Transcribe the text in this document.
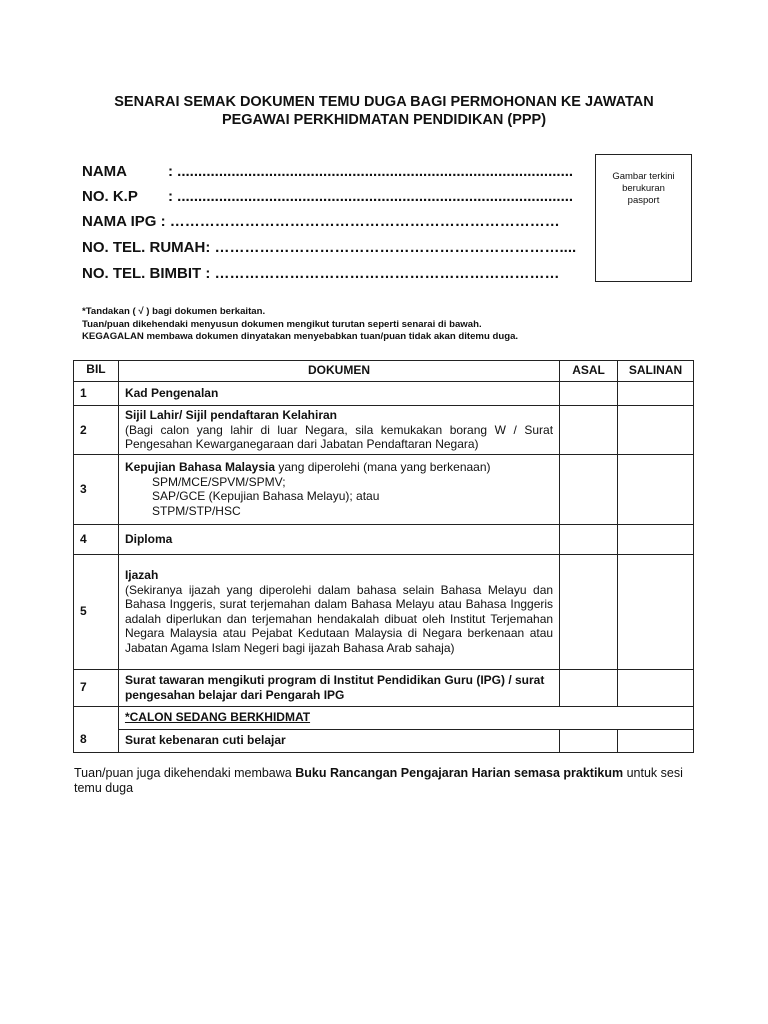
SENARAI SEMAK DOKUMEN TEMU DUGA BAGI PERMOHONAN KE JAWATAN
PEGAWAI PERKHIDMATAN PENDIDIKAN (PPP)
NAMA	: ...............................................................................................
NO. K.P : ...............................................................................................
NAMA IPG : ……………………………………………………………………
NO. TEL. RUMAH: ……………………………………………………………....
NO. TEL. BIMBIT : ……………………………………………………………
Gambar terkini
berukuran
pasport
*Tandakan ( √ ) bagi dokumen berkaitan.
Tuan/puan dikehendaki menyusun dokumen mengikut turutan seperti senarai di bawah.
KEGAGALAN membawa dokumen dinyatakan menyebabkan tuan/puan tidak akan ditemu duga.
BIL	DOKUMEN	ASAL	SALINAN
1	Kad Pengenalan		
2	Sijil Lahir/ Sijil pendaftaran Kelahiran
(Bagi calon yang lahir di luar Negara, sila kemukakan borang W / Surat Pengesahan Kewarganegaraan dari Jabatan Pendaftaran Negara)		

3	Kepujian Bahasa Malaysia yang diperolehi (mana yang berkenaan)
SPM/MCE/SPVM/SPMV;
SAP/GCE (Kepujian Bahasa Melayu); atau
STPM/STP/HSC		

4	Diploma		
5	Ijazah
(Sekiranya ijazah yang diperolehi dalam bahasa selain Bahasa Melayu dan Bahasa Inggeris, surat terjemahan dalam Bahasa Melayu atau Bahasa Inggeris adalah diperlukan dan terjemahan hendakalah dibuat oleh Institut Terjemahan Negara Malaysia atau Pejabat Kedutaan Malaysia di Negara berkenaan atau Jabatan Agama Islam Negeri bagi ijazah Bahasa Arab sahaja)		

7	Surat tawaran mengikuti program di Institut Pendidikan Guru (IPG) / surat pengesahan belajar dari Pengarah IPG		
8	*CALON SEDANG BERKHIDMAT		
	Surat kebenaran cuti belajar		
Tuan/puan juga dikehendaki membawa Buku Rancangan Pengajaran Harian semasa praktikum untuk sesi temu duga
